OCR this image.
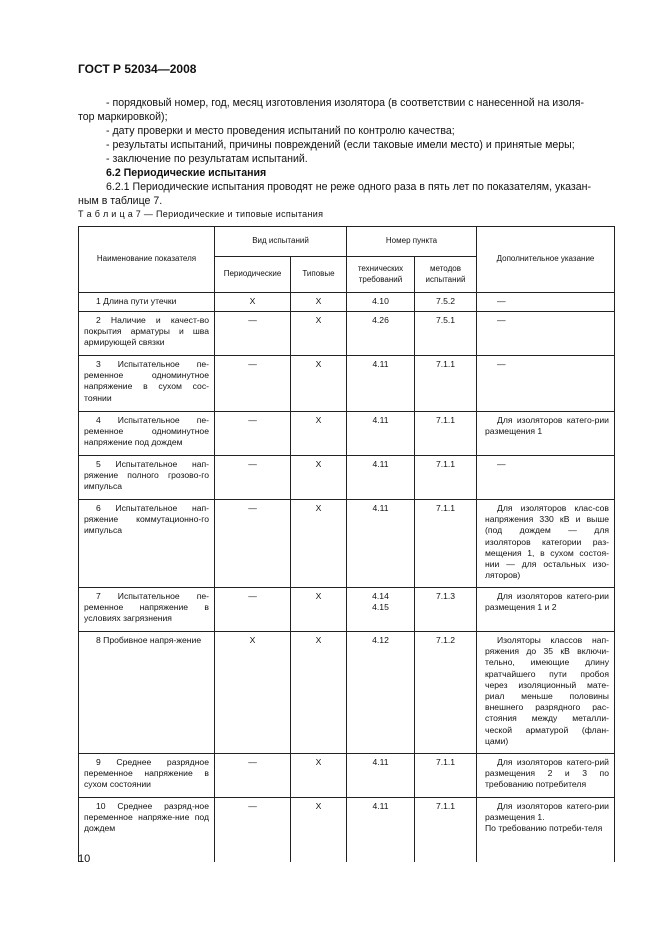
ГОСТ Р 52034—2008
- порядковый номер, год, месяц изготовления изолятора (в соответствии с нанесенной на изоля-
тор маркировкой);
- дату проверки и место проведения испытаний по контролю качества;
- результаты испытаний, причины повреждений (если таковые имели место) и принятые меры;
- заключение по результатам испытаний.
6.2 Периодические испытания
6.2.1 Периодические испытания проводят не реже одного раза в пять лет по показателям, указан-
ным в таблице 7.
Т а б л и ц а 7 — Периодические и типовые испытания
Наименование показателя	Вид испытаний		Номер пункта		Дополнительное указание
	Периодические	Типовые	технических требований	методов испытаний	
1 Длина пути утечки	X	X	4.10	7.5.2	—
2 Наличие и качест-во покрытия арматуры и шва армирующей связки	—	X	4.26	7.5.1	—
3 Испытательное пе-ременное одноминутное напряжение в сухом сос-тоянии	—	X	4.11	7.1.1	—
4 Испытательное пе-ременное одноминутное напряжение под дождем	—	X	4.11	7.1.1	Для изоляторов катего-рии размещения 1
5 Испытательное нап-ряжение полного грозово-го импульса	—	X	4.11	7.1.1	—
6 Испытательное нап-ряжение коммутационно-го импульса	—	X	4.11	7.1.1	Для изоляторов клас-сов напряжения 330 кВ и выше (под дождем — для изоляторов категории раз-мещения 1, в сухом состоя-нии — для остальных изо-ляторов)
7 Испытательное пе-ременное напряжение в условиях загрязнения	—	X	4.14
4.15	7.1.3	Для изоляторов катего-рии размещения 1 и 2
8 Пробивное напря-жение	X	X	4.12	7.1.2	Изоляторы классов нап-ряжения до 35 кВ включи-тельно, имеющие длину кратчайшего пути пробоя через изоляционный мате-риал меньше половины внешнего разрядного рас-стояния между металли-ческой арматурой (флан-цами)
9 Среднее разрядное переменное напряжение в сухом состоянии	—	X	4.11	7.1.1	Для изоляторов катего-рий размещения 2 и 3 по требованию потребителя
10 Среднее разряд-ное переменное напряже-ние под дождем	—	X	4.11	7.1.1	Для изоляторов катего-рии размещения 1.
По требованию потреби-теля
10
